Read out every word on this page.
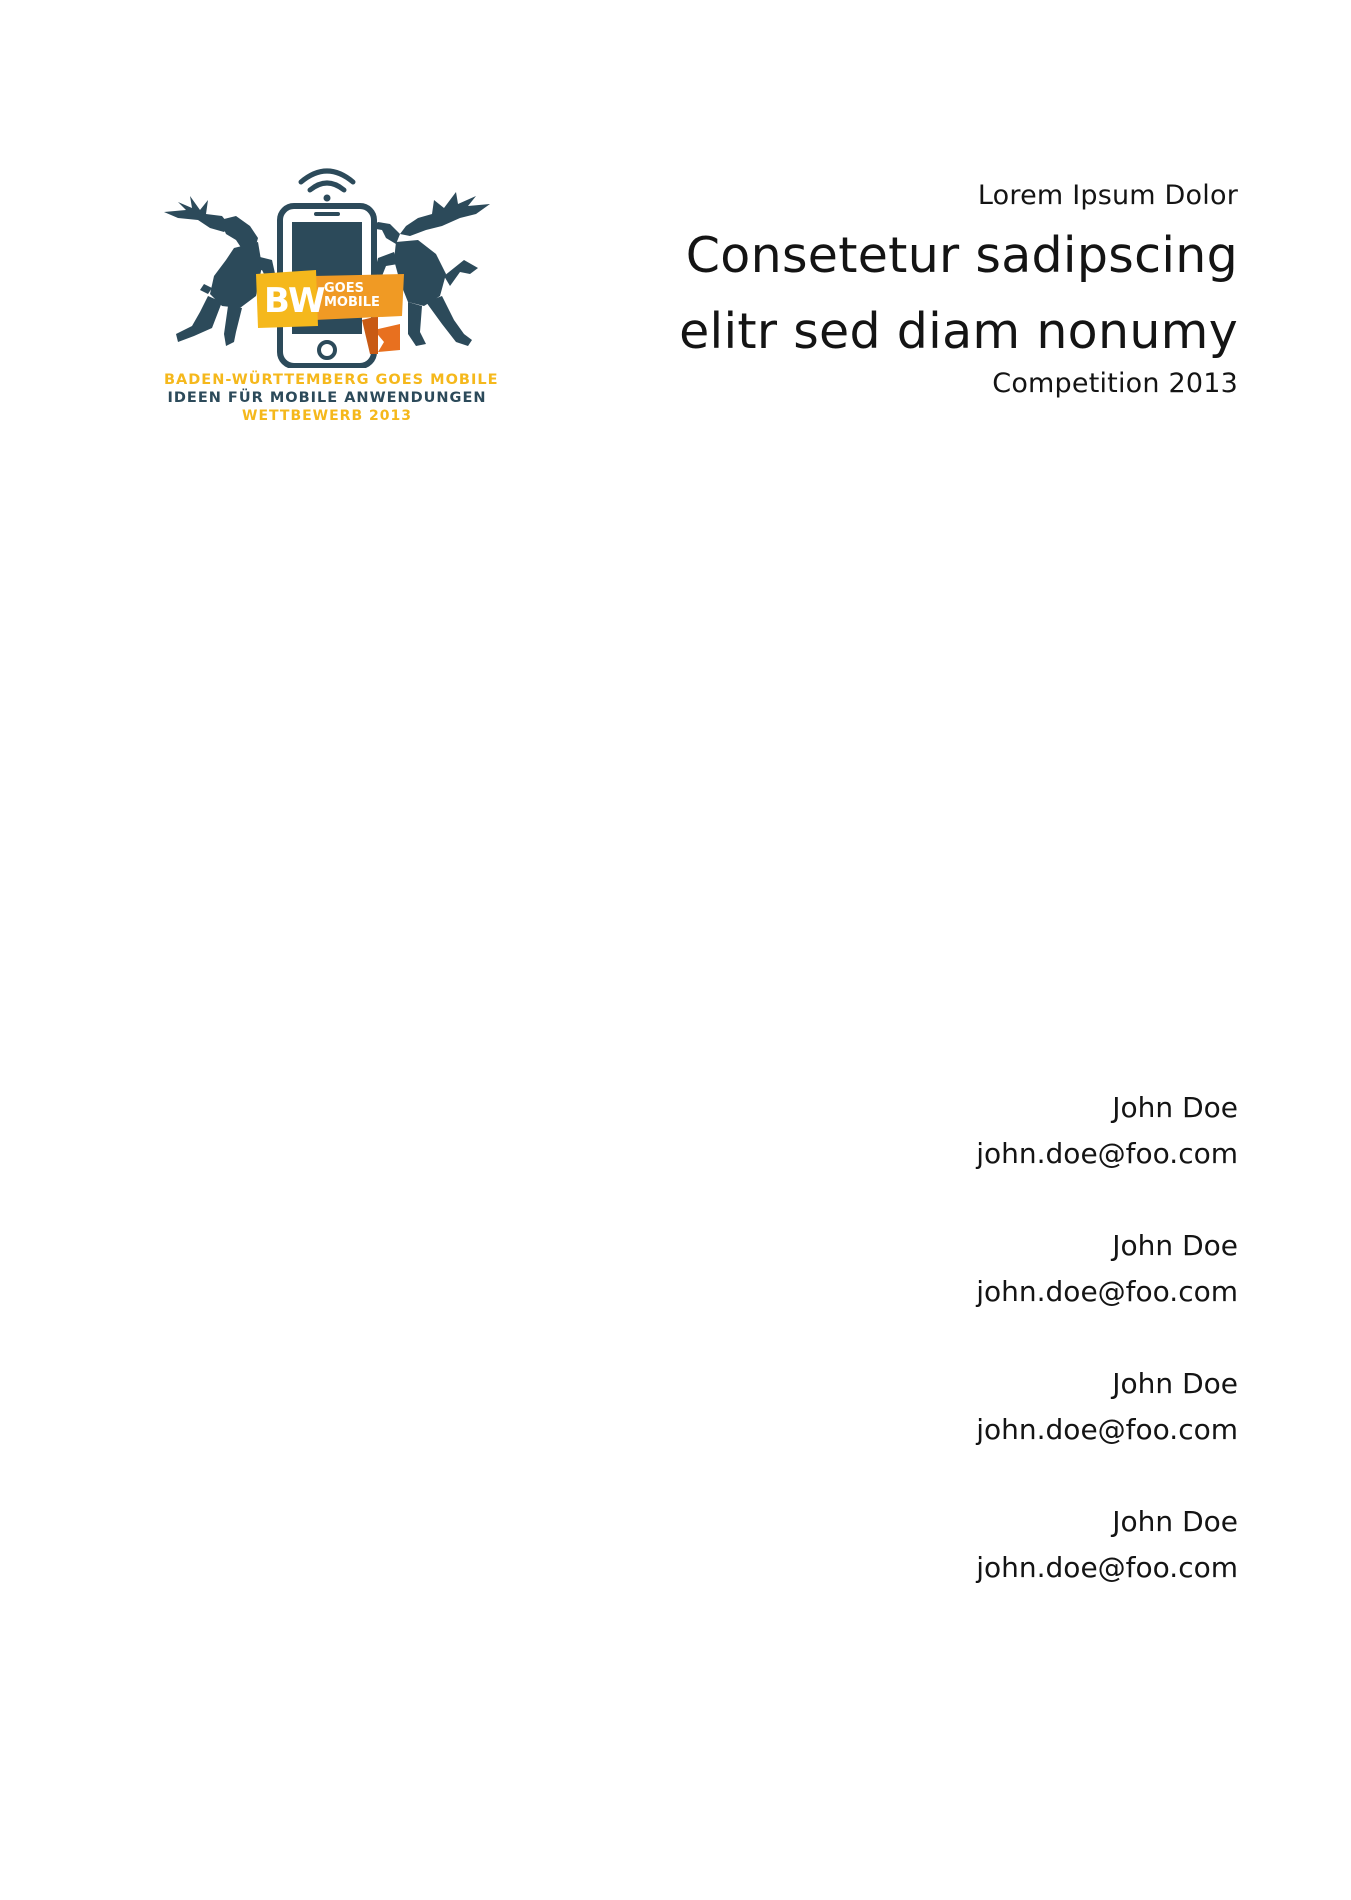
BW
GOES
MOBILE
BADEN-WÜRTTEMBERG GOES MOBILE
IDEEN FÜR MOBILE ANWENDUNGEN
WETTBEWERB 2013
Lorem Ipsum Dolor
Consetetur sadipscing
elitr sed diam nonumy
Competition 2013
John Doe
john.doe@foo.com
John Doe
john.doe@foo.com
John Doe
john.doe@foo.com
John Doe
john.doe@foo.com
